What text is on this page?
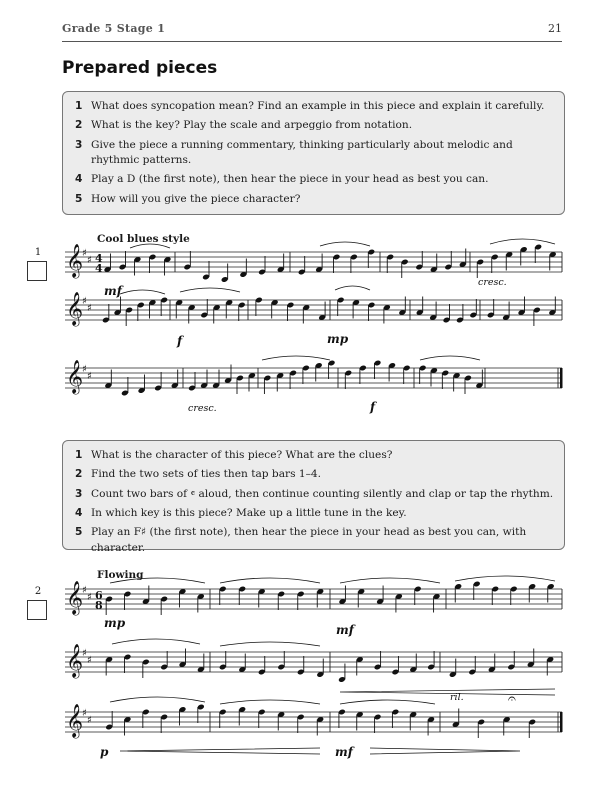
Grade 5 Stage 1	21
Prepared pieces
1 What does syncopation mean? Find an example in this piece and explain it carefully.
2 What is the key? Play the scale and arpeggio from notation.
3 Give the piece a running commentary, thinking particularly about melodic and rhythmic patterns.
4 Play a D (the first note), then hear the piece in your head as best you can.
5 How will you give the piece character?
1
Cool blues style
1 What is the character of this piece? What are the clues?
2 Find the two sets of ties then tap bars 1–4.
3 Count two bars of 𝄴 aloud, then continue counting silently and clap or tap the rhythm.
4 In which key is this piece? Make up a little tune in the key.
5 Play an F♯ (the first note), then hear the piece in your head as best you can, with character.
2
Flowing
𝄞
♯
♯ 4
4
mf
cresc.
𝄞
♯
♯
f	mp
𝄞
♯
♯
cresc.	f
𝄞
♯
♯ 6
8
mp	mf
𝄞
♯
♯
𝄞
♯
♯
p	mf
ril.	𝄐
